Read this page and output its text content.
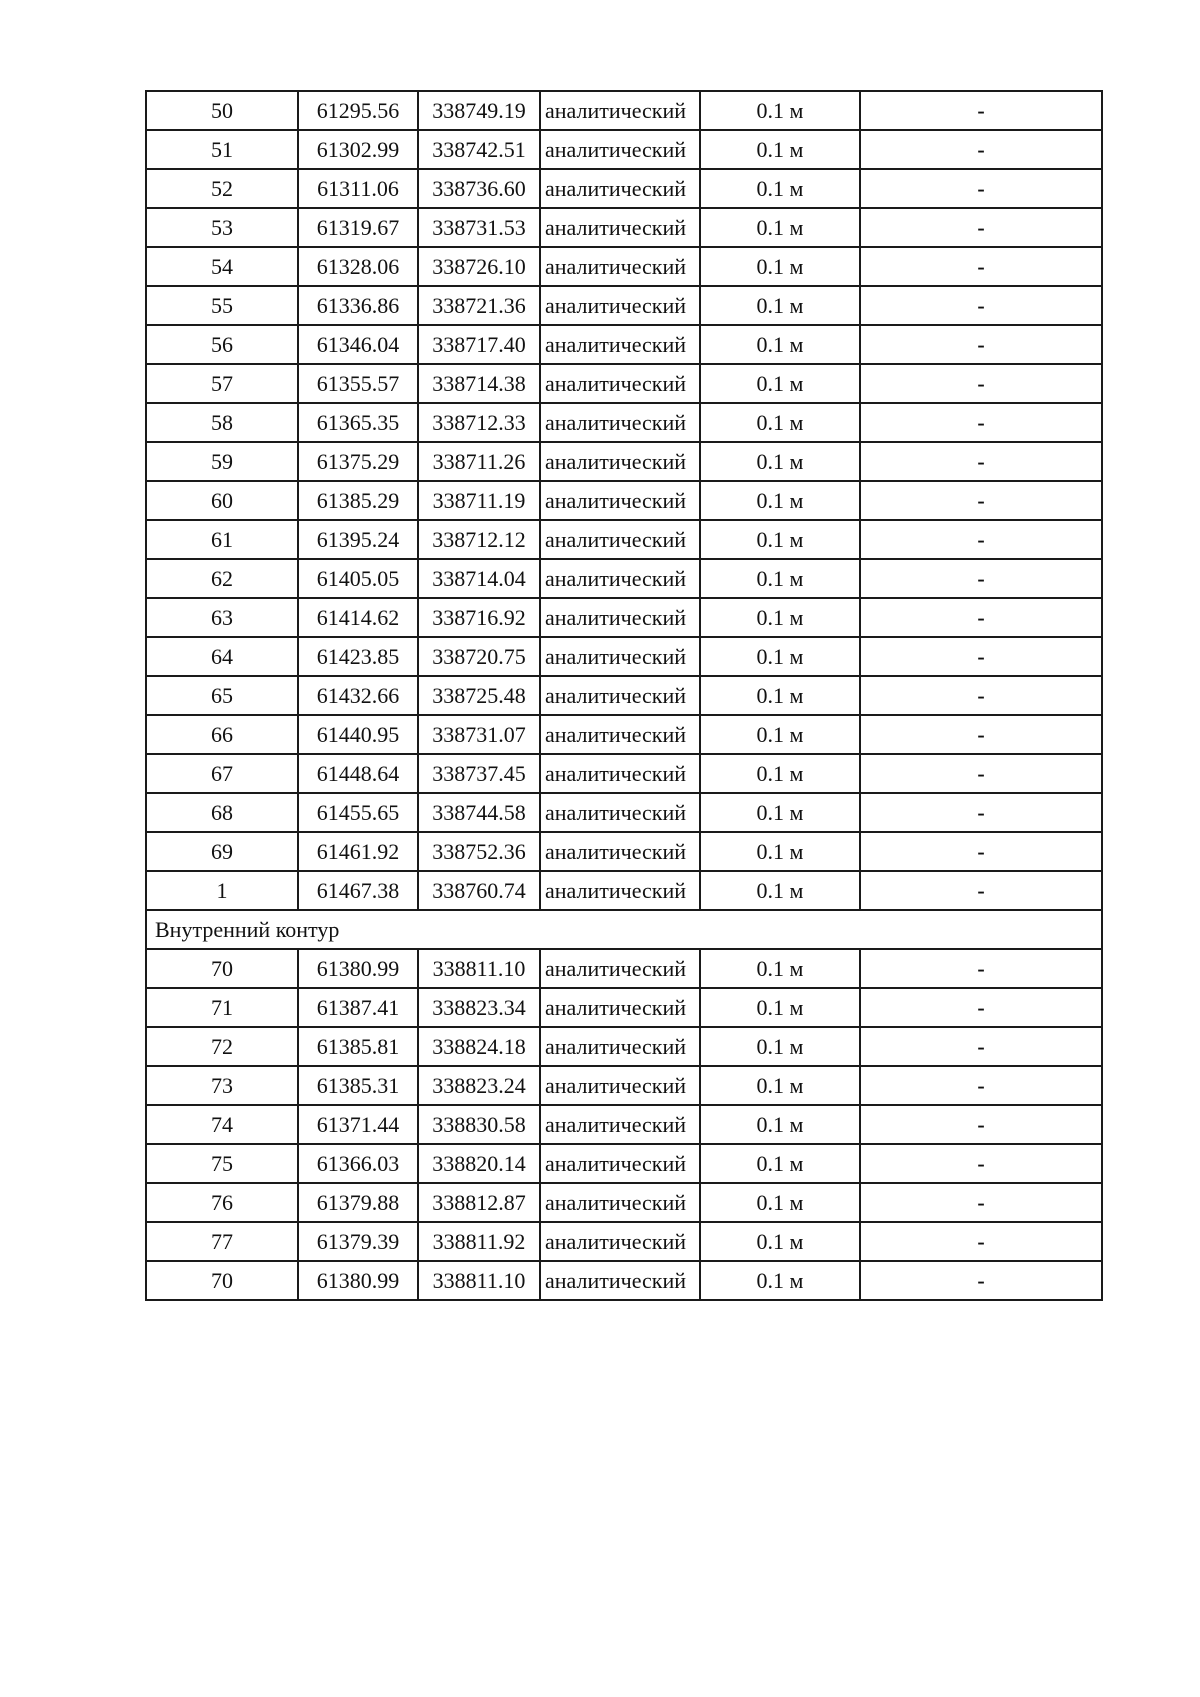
50	61295.56	338749.19	аналитический	0.1 м	-
51	61302.99	338742.51	аналитический	0.1 м	-
52	61311.06	338736.60	аналитический	0.1 м	-
53	61319.67	338731.53	аналитический	0.1 м	-
54	61328.06	338726.10	аналитический	0.1 м	-
55	61336.86	338721.36	аналитический	0.1 м	-
56	61346.04	338717.40	аналитический	0.1 м	-
57	61355.57	338714.38	аналитический	0.1 м	-
58	61365.35	338712.33	аналитический	0.1 м	-
59	61375.29	338711.26	аналитический	0.1 м	-
60	61385.29	338711.19	аналитический	0.1 м	-
61	61395.24	338712.12	аналитический	0.1 м	-
62	61405.05	338714.04	аналитический	0.1 м	-
63	61414.62	338716.92	аналитический	0.1 м	-
64	61423.85	338720.75	аналитический	0.1 м	-
65	61432.66	338725.48	аналитический	0.1 м	-
66	61440.95	338731.07	аналитический	0.1 м	-
67	61448.64	338737.45	аналитический	0.1 м	-
68	61455.65	338744.58	аналитический	0.1 м	-
69	61461.92	338752.36	аналитический	0.1 м	-
1	61467.38	338760.74	аналитический	0.1 м	-
Внутренний контур					
70	61380.99	338811.10	аналитический	0.1 м	-
71	61387.41	338823.34	аналитический	0.1 м	-
72	61385.81	338824.18	аналитический	0.1 м	-
73	61385.31	338823.24	аналитический	0.1 м	-
74	61371.44	338830.58	аналитический	0.1 м	-
75	61366.03	338820.14	аналитический	0.1 м	-
76	61379.88	338812.87	аналитический	0.1 м	-
77	61379.39	338811.92	аналитический	0.1 м	-
70	61380.99	338811.10	аналитический	0.1 м	-
